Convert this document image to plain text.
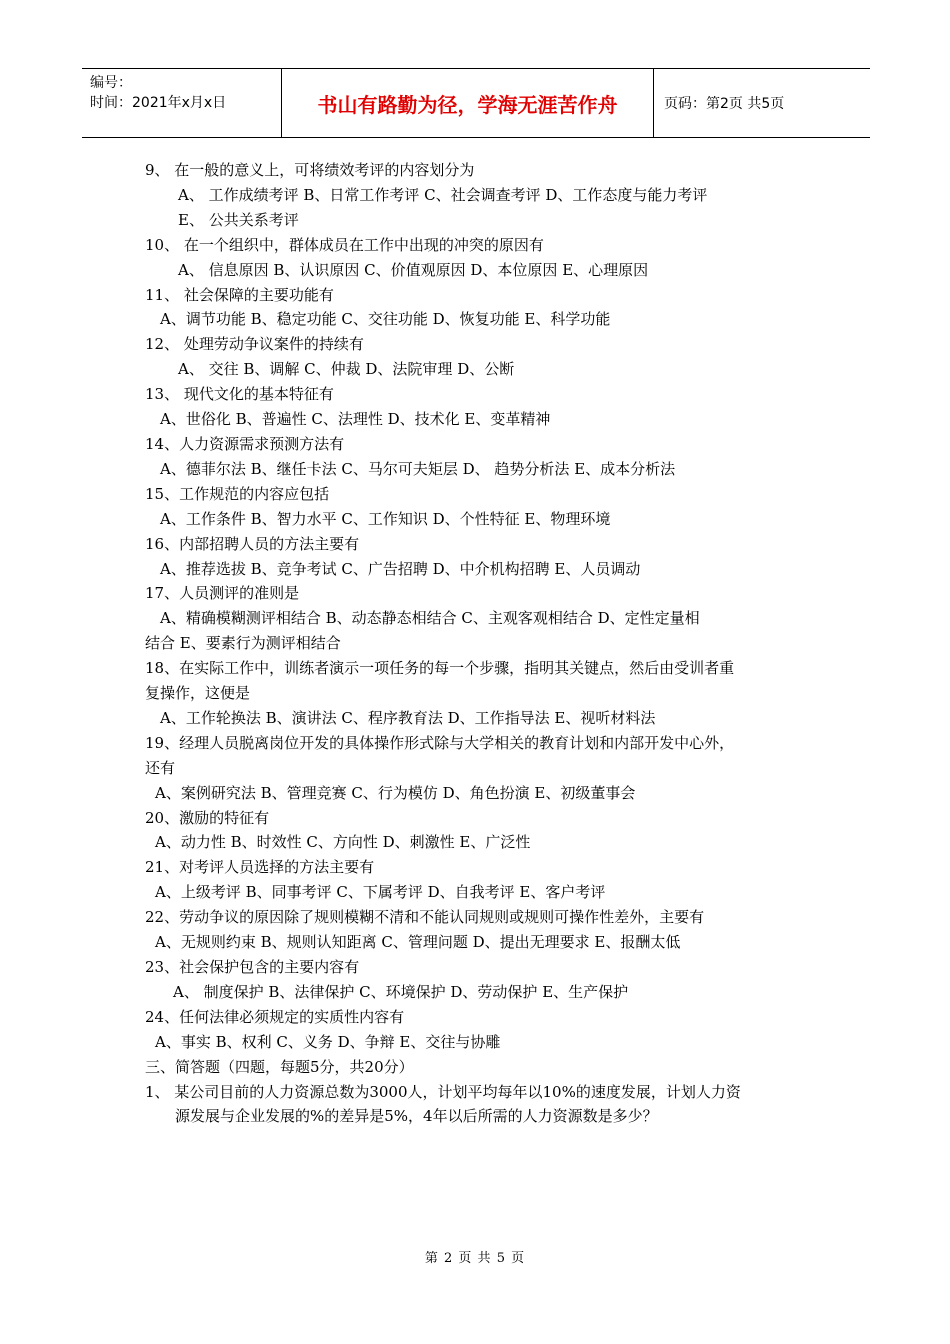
编号：
时间：2021年x月x日	书山有路勤为径，学海无涯苦作舟	页码：第2页 共5页
9、 在一般的意义上，可将绩效考评的内容划分为
A、 工作成绩考评 B、日常工作考评 C、社会调查考评 D、工作态度与能力考评
E、 公共关系考评
10、 在一个组织中，群体成员在工作中出现的冲突的原因有
A、 信息原因 B、认识原因 C、价值观原因 D、本位原因 E、心理原因
11、 社会保障的主要功能有
A、调节功能 B、稳定功能 C、交往功能 D、恢复功能 E、科学功能
12、 处理劳动争议案件的持续有
A、 交往 B、调解 C、仲裁 D、法院审理 D、公断
13、 现代文化的基本特征有
A、世俗化 B、普遍性 C、法理性 D、技术化 E、变革精神
14、人力资源需求预测方法有
A、德菲尔法 B、继任卡法 C、马尔可夫矩层 D、 趋势分析法 E、成本分析法
15、工作规范的内容应包括
A、工作条件 B、智力水平 C、工作知识 D、个性特征 E、物理环境
16、内部招聘人员的方法主要有
A、推荐选拔 B、竞争考试 C、广告招聘 D、中介机构招聘 E、人员调动
17、人员测评的准则是
A、精确模糊测评相结合 B、动态静态相结合 C、主观客观相结合 D、定性定量相
结合 E、要素行为测评相结合
18、在实际工作中，训练者演示一项任务的每一个步骤，指明其关键点，然后由受训者重
复操作，这便是
A、工作轮换法 B、演讲法 C、程序教育法 D、工作指导法 E、视听材料法
19、经理人员脱离岗位开发的具体操作形式除与大学相关的教育计划和内部开发中心外，
还有
A、案例研究法 B、管理竞赛 C、行为模仿 D、角色扮演 E、初级董事会
20、激励的特征有
A、动力性 B、时效性 C、方向性 D、刺激性 E、广泛性
21、对考评人员选择的方法主要有
A、上级考评 B、同事考评 C、下属考评 D、自我考评 E、客户考评
22、劳动争议的原因除了规则模糊不清和不能认同规则或规则可操作性差外，主要有
A、无规则约束 B、规则认知距离 C、管理问题 D、提出无理要求 E、报酬太低
23、社会保护包含的主要内容有
A、 制度保护 B、法律保护 C、环境保护 D、劳动保护 E、生产保护
24、任何法律必须规定的实质性内容有
A、事实 B、权利 C、义务 D、争辩 E、交往与协雕
三、简答题（四题，每题5分，共20分）
1、 某公司目前的人力资源总数为3000人，计划平均每年以10%的速度发展，计划人力资
源发展与企业发展的%的差异是5%，4年以后所需的人力资源数是多少？
第 2 页 共 5 页
